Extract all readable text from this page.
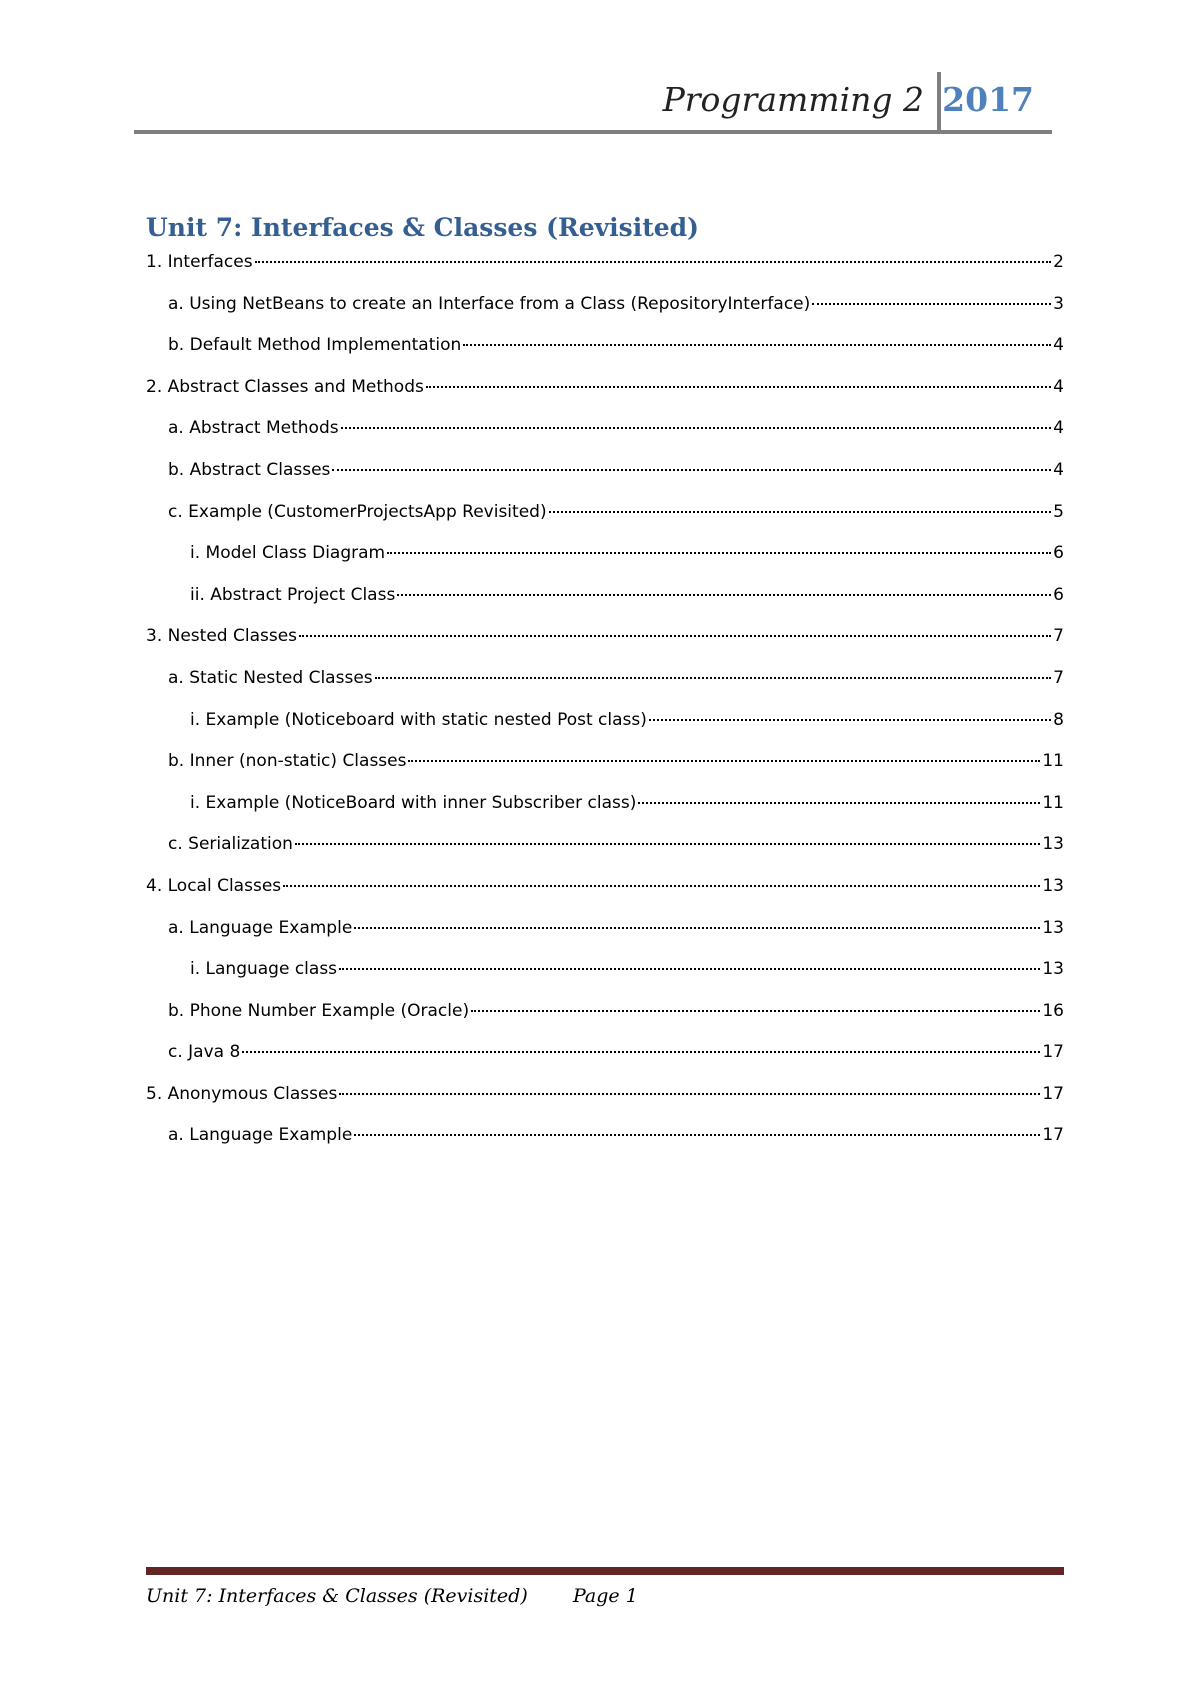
Programming 2 2017
Unit 7: Interfaces & Classes (Revisited)
1. Interfaces	2
a. Using NetBeans to create an Interface from a Class (RepositoryInterface)	3
b. Default Method Implementation	4
2. Abstract Classes and Methods	4
a. Abstract Methods	4
b. Abstract Classes	4
c. Example (CustomerProjectsApp Revisited)	5
i. Model Class Diagram	6
ii. Abstract Project Class	6
3. Nested Classes	7
a. Static Nested Classes	7
i. Example (Noticeboard with static nested Post class)	8
b. Inner (non-static) Classes	11
i. Example (NoticeBoard with inner Subscriber class)	11
c. Serialization	13
4. Local Classes	13
a. Language Example	13
i. Language class	13
b. Phone Number Example (Oracle)	16
c. Java 8	17
5. Anonymous Classes	17
a. Language Example	17
Unit 7: Interfaces & Classes (Revisited) Page 1
